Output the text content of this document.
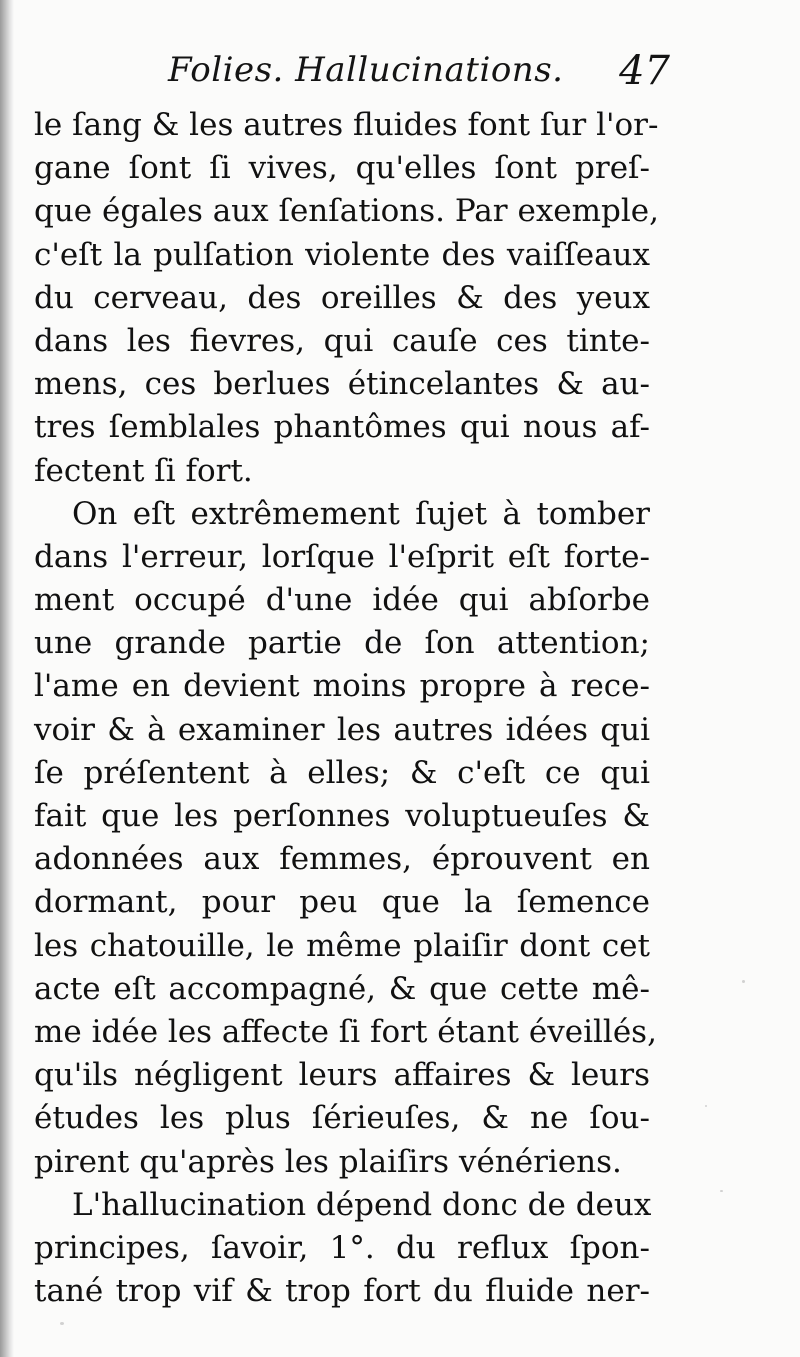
Folies. Hallucinations. 47
le ſang & les autres fluides font ſur l'or-
gane ſont ſi vives, qu'elles ſont preſ-
que égales aux ſenſations. Par exemple,
c'eſt la pulſation violente des vaiſſeaux
du cerveau, des oreilles & des yeux
dans les fievres, qui cauſe ces tinte-
mens, ces berlues étincelantes & au-
tres ſemblales phantômes qui nous af-
fectent ſi fort.
On eſt extrêmement ſujet à tomber
dans l'erreur, lorſque l'eſprit eſt forte-
ment occupé d'une idée qui abſorbe
une grande partie de ſon attention;
l'ame en devient moins propre à rece-
voir & à examiner les autres idées qui
ſe préſentent à elles; & c'eſt ce qui
fait que les perſonnes voluptueuſes &
adonnées aux femmes, éprouvent en
dormant, pour peu que la ſemence
les chatouille, le même plaiſir dont cet
acte eſt accompagné, & que cette mê-
me idée les affecte ſi fort étant éveillés,
qu'ils négligent leurs affaires & leurs
études les plus ſérieuſes, & ne ſou-
pirent qu'après les plaiſirs vénériens.
L'hallucination dépend donc de deux
principes, ſavoir, 1°. du reflux ſpon-
tané trop vif & trop fort du fluide ner-
